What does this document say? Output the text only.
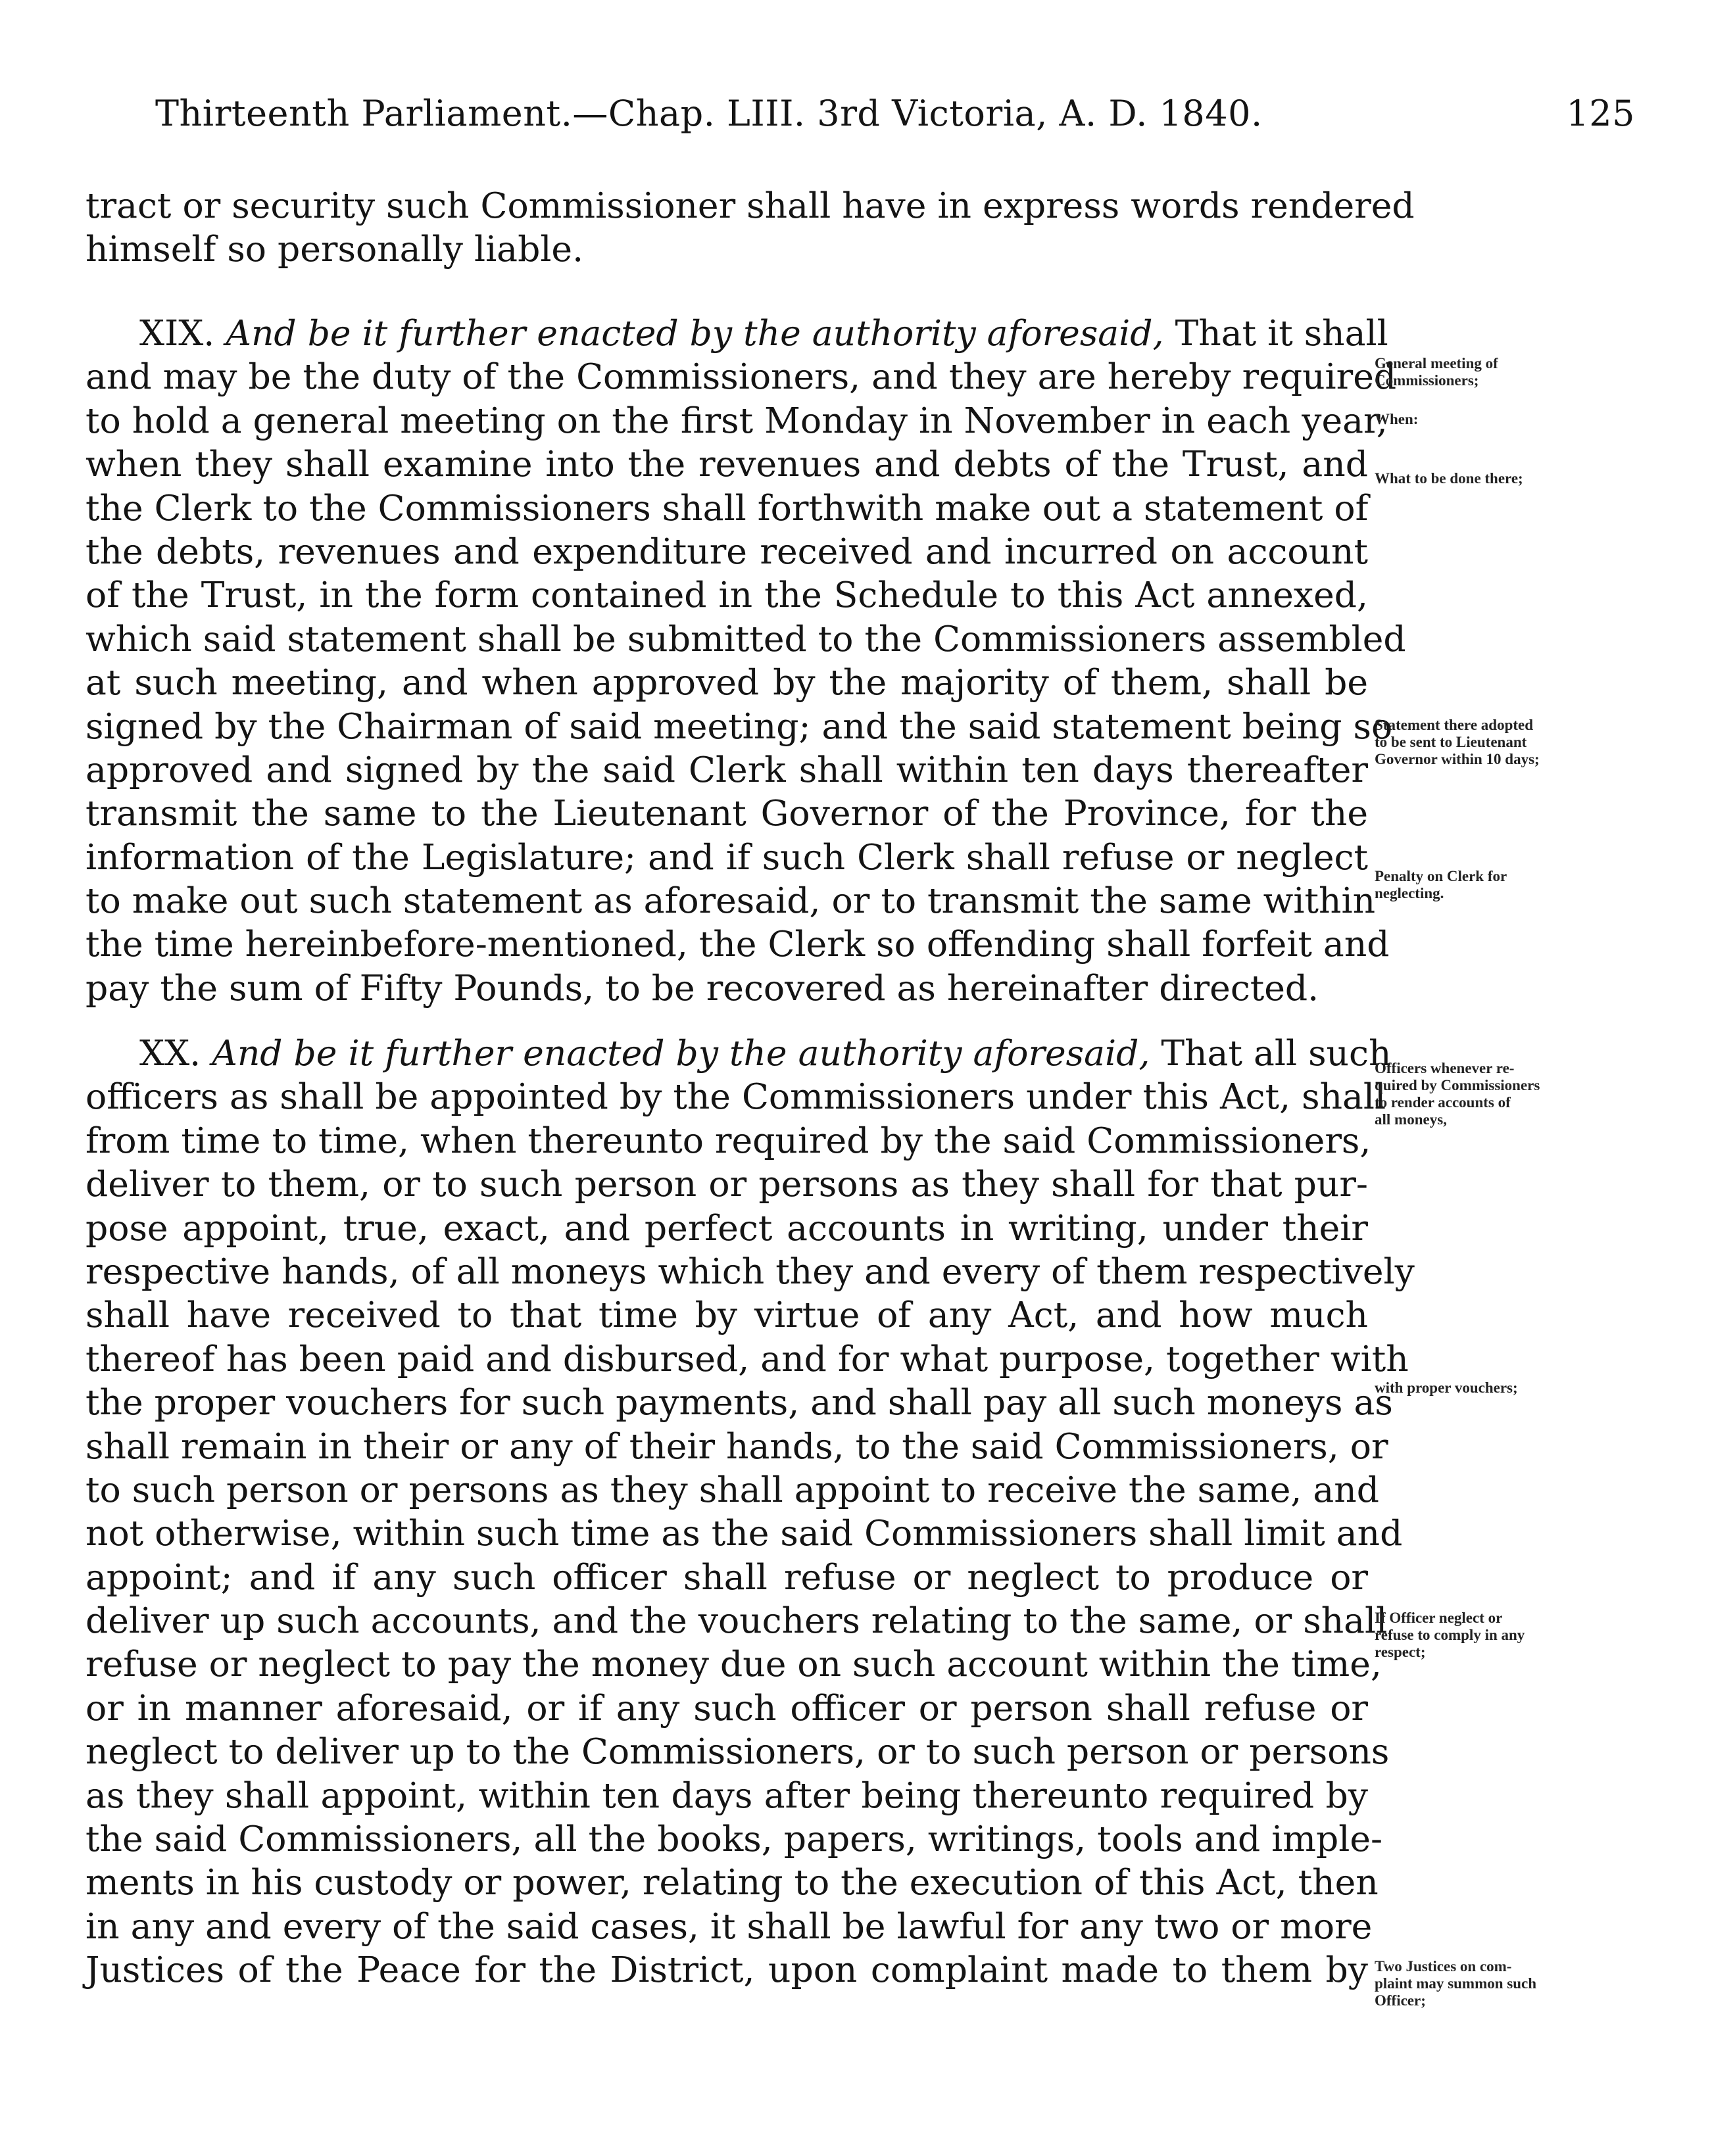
Thirteenth Parliament.—Chap. LIII. 3rd Victoria, A. D. 1840.	125
tract or security such Commissioner shall have in express words rendered
himself so personally liable.
XIX. And be it further enacted by the authority aforesaid, That it shall
and may be the duty of the Commissioners, and they are hereby required
to hold a general meeting on the first Monday in November in each year,
when they shall examine into the revenues and debts of the Trust, and
the Clerk to the Commissioners shall forthwith make out a statement of
the debts, revenues and expenditure received and incurred on account
of the Trust, in the form contained in the Schedule to this Act annexed,
which said statement shall be submitted to the Commissioners assembled
at such meeting, and when approved by the majority of them, shall be
signed by the Chairman of said meeting; and the said statement being so
approved and signed by the said Clerk shall within ten days thereafter
transmit the same to the Lieutenant Governor of the Province, for the
information of the Legislature; and if such Clerk shall refuse or neglect
to make out such statement as aforesaid, or to transmit the same within
the time hereinbefore-mentioned, the Clerk so offending shall forfeit and
pay the sum of Fifty Pounds, to be recovered as hereinafter directed.
XX. And be it further enacted by the authority aforesaid, That all such
officers as shall be appointed by the Commissioners under this Act, shall
from time to time, when thereunto required by the said Commissioners,
deliver to them, or to such person or persons as they shall for that pur-
pose appoint, true, exact, and perfect accounts in writing, under their
respective hands, of all moneys which they and every of them respectively
shall have received to that time by virtue of any Act, and how much
thereof has been paid and disbursed, and for what purpose, together with
the proper vouchers for such payments, and shall pay all such moneys as
shall remain in their or any of their hands, to the said Commissioners, or
to such person or persons as they shall appoint to receive the same, and
not otherwise, within such time as the said Commissioners shall limit and
appoint; and if any such officer shall refuse or neglect to produce or
deliver up such accounts, and the vouchers relating to the same, or shall
refuse or neglect to pay the money due on such account within the time,
or in manner aforesaid, or if any such officer or person shall refuse or
neglect to deliver up to the Commissioners, or to such person or persons
as they shall appoint, within ten days after being thereunto required by
the said Commissioners, all the books, papers, writings, tools and imple-
ments in his custody or power, relating to the execution of this Act, then
in any and every of the said cases, it shall be lawful for any two or more
Justices of the Peace for the District, upon complaint made to them by
General meeting of
Commissioners;
When:
What to be done there;
Statement there adopted
to be sent to Lieutenant
Governor within 10 days;
Penalty on Clerk for
neglecting.
Officers whenever re-
quired by Commissioners
to render accounts of
all moneys,
with proper vouchers;
If Officer neglect or
refuse to comply in any
respect;
Two Justices on com-
plaint may summon such
Officer;
